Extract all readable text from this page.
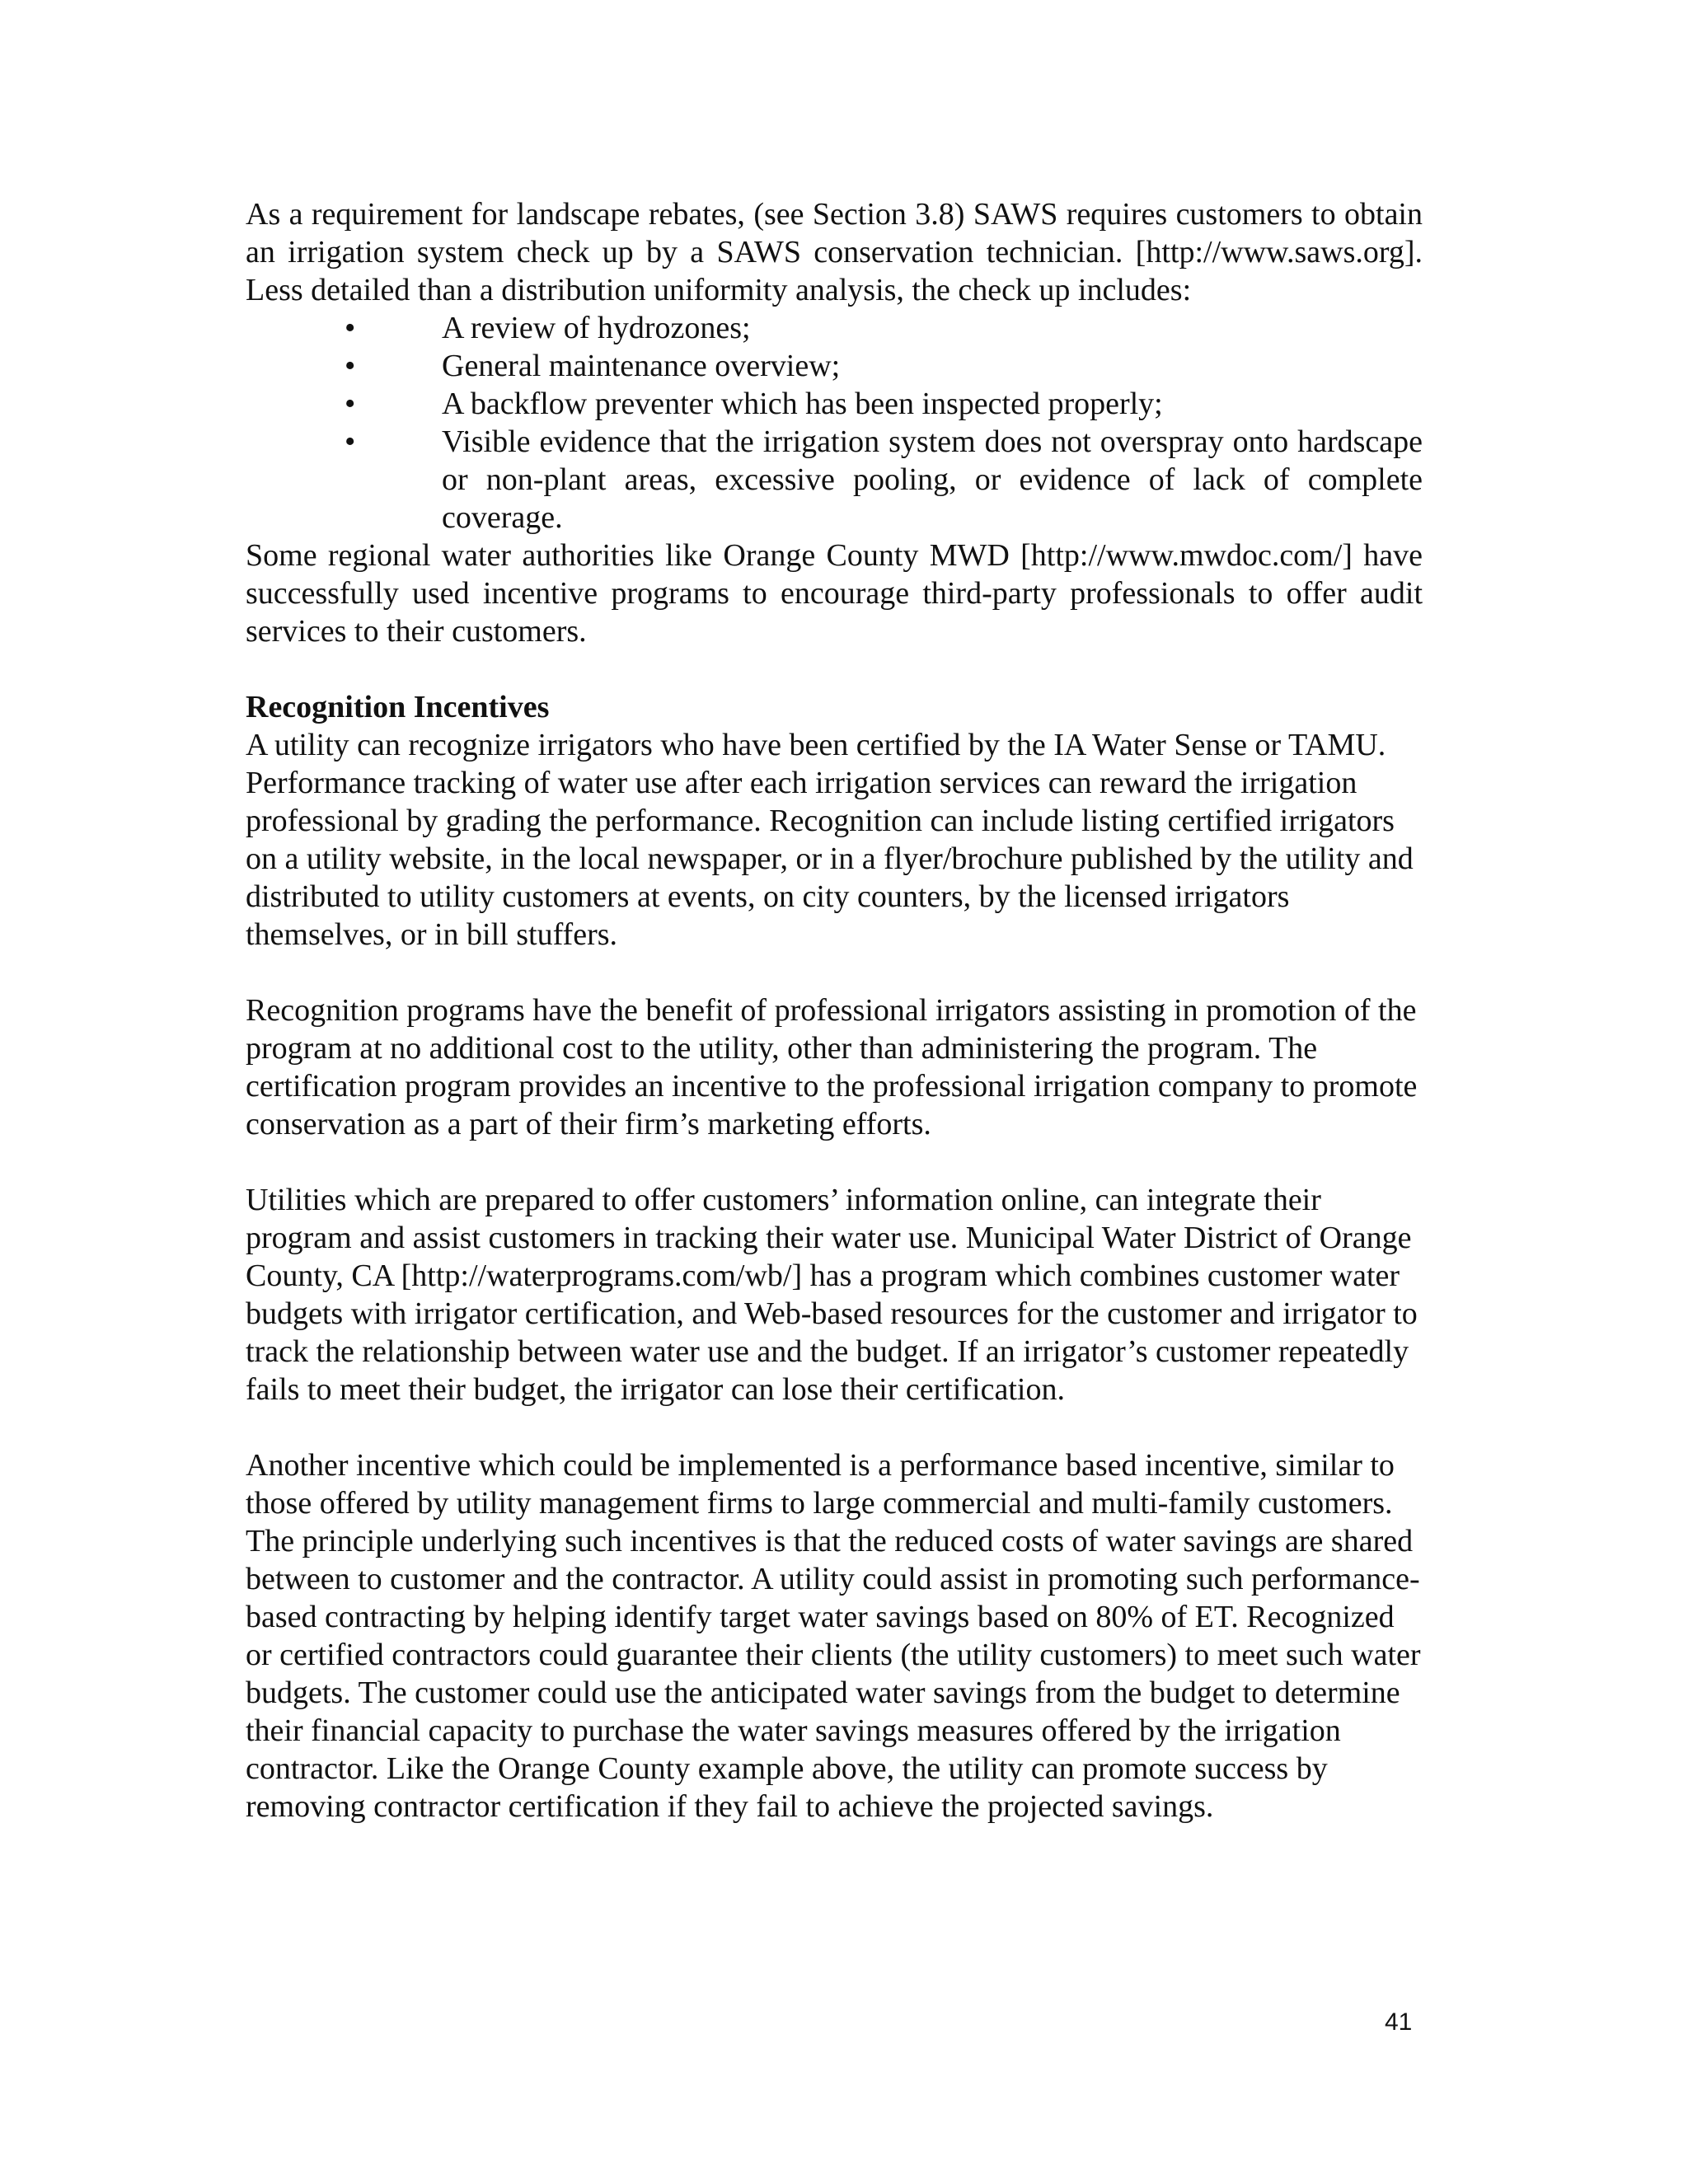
As a requirement for landscape rebates, (see Section 3.8) SAWS requires customers to obtain an irrigation system check up by a SAWS conservation technician. [http://www.saws.org]. Less detailed than a distribution uniformity analysis, the check up includes:

•	A review of hydrozones;
•	General maintenance overview;
•	A backflow preventer which has been inspected properly;
•	Visible evidence that the irrigation system does not overspray onto hardscape or non-plant areas, excessive pooling, or evidence of lack of complete coverage.

Some regional water authorities like Orange County MWD [http://www.mwdoc.com/] have successfully used incentive programs to encourage third-party professionals to offer audit services to their customers.

Recognition Incentives

A utility can recognize irrigators who have been certified by the IA Water Sense or TAMU. Performance tracking of water use after each irrigation services can reward the irrigation professional by grading the performance. Recognition can include listing certified irrigators on a utility website, in the local newspaper, or in a flyer/brochure published by the utility and distributed to utility customers at events, on city counters, by the licensed irrigators themselves, or in bill stuffers.

Recognition programs have the benefit of professional irrigators assisting in promotion of the program at no additional cost to the utility, other than administering the program. The certification program provides an incentive to the professional irrigation company to promote conservation as a part of their firm’s marketing efforts.

Utilities which are prepared to offer customers’ information online, can integrate their program and assist customers in tracking their water use. Municipal Water District of Orange County, CA [http://waterprograms.com/wb/] has a program which combines customer water budgets with irrigator certification, and Web-based resources for the customer and irrigator to track the relationship between water use and the budget. If an irrigator’s customer repeatedly fails to meet their budget, the irrigator can lose their certification.

Another incentive which could be implemented is a performance based incentive, similar to those offered by utility management firms to large commercial and multi-family customers. The principle underlying such incentives is that the reduced costs of water savings are shared between to customer and the contractor. A utility could assist in promoting such performance-based contracting by helping identify target water savings based on 80% of ET. Recognized or certified contractors could guarantee their clients (the utility customers) to meet such water budgets. The customer could use the anticipated water savings from the budget to determine their financial capacity to purchase the water savings measures offered by the irrigation contractor. Like the Orange County example above, the utility can promote success by removing contractor certification if they fail to achieve the projected savings.

41
